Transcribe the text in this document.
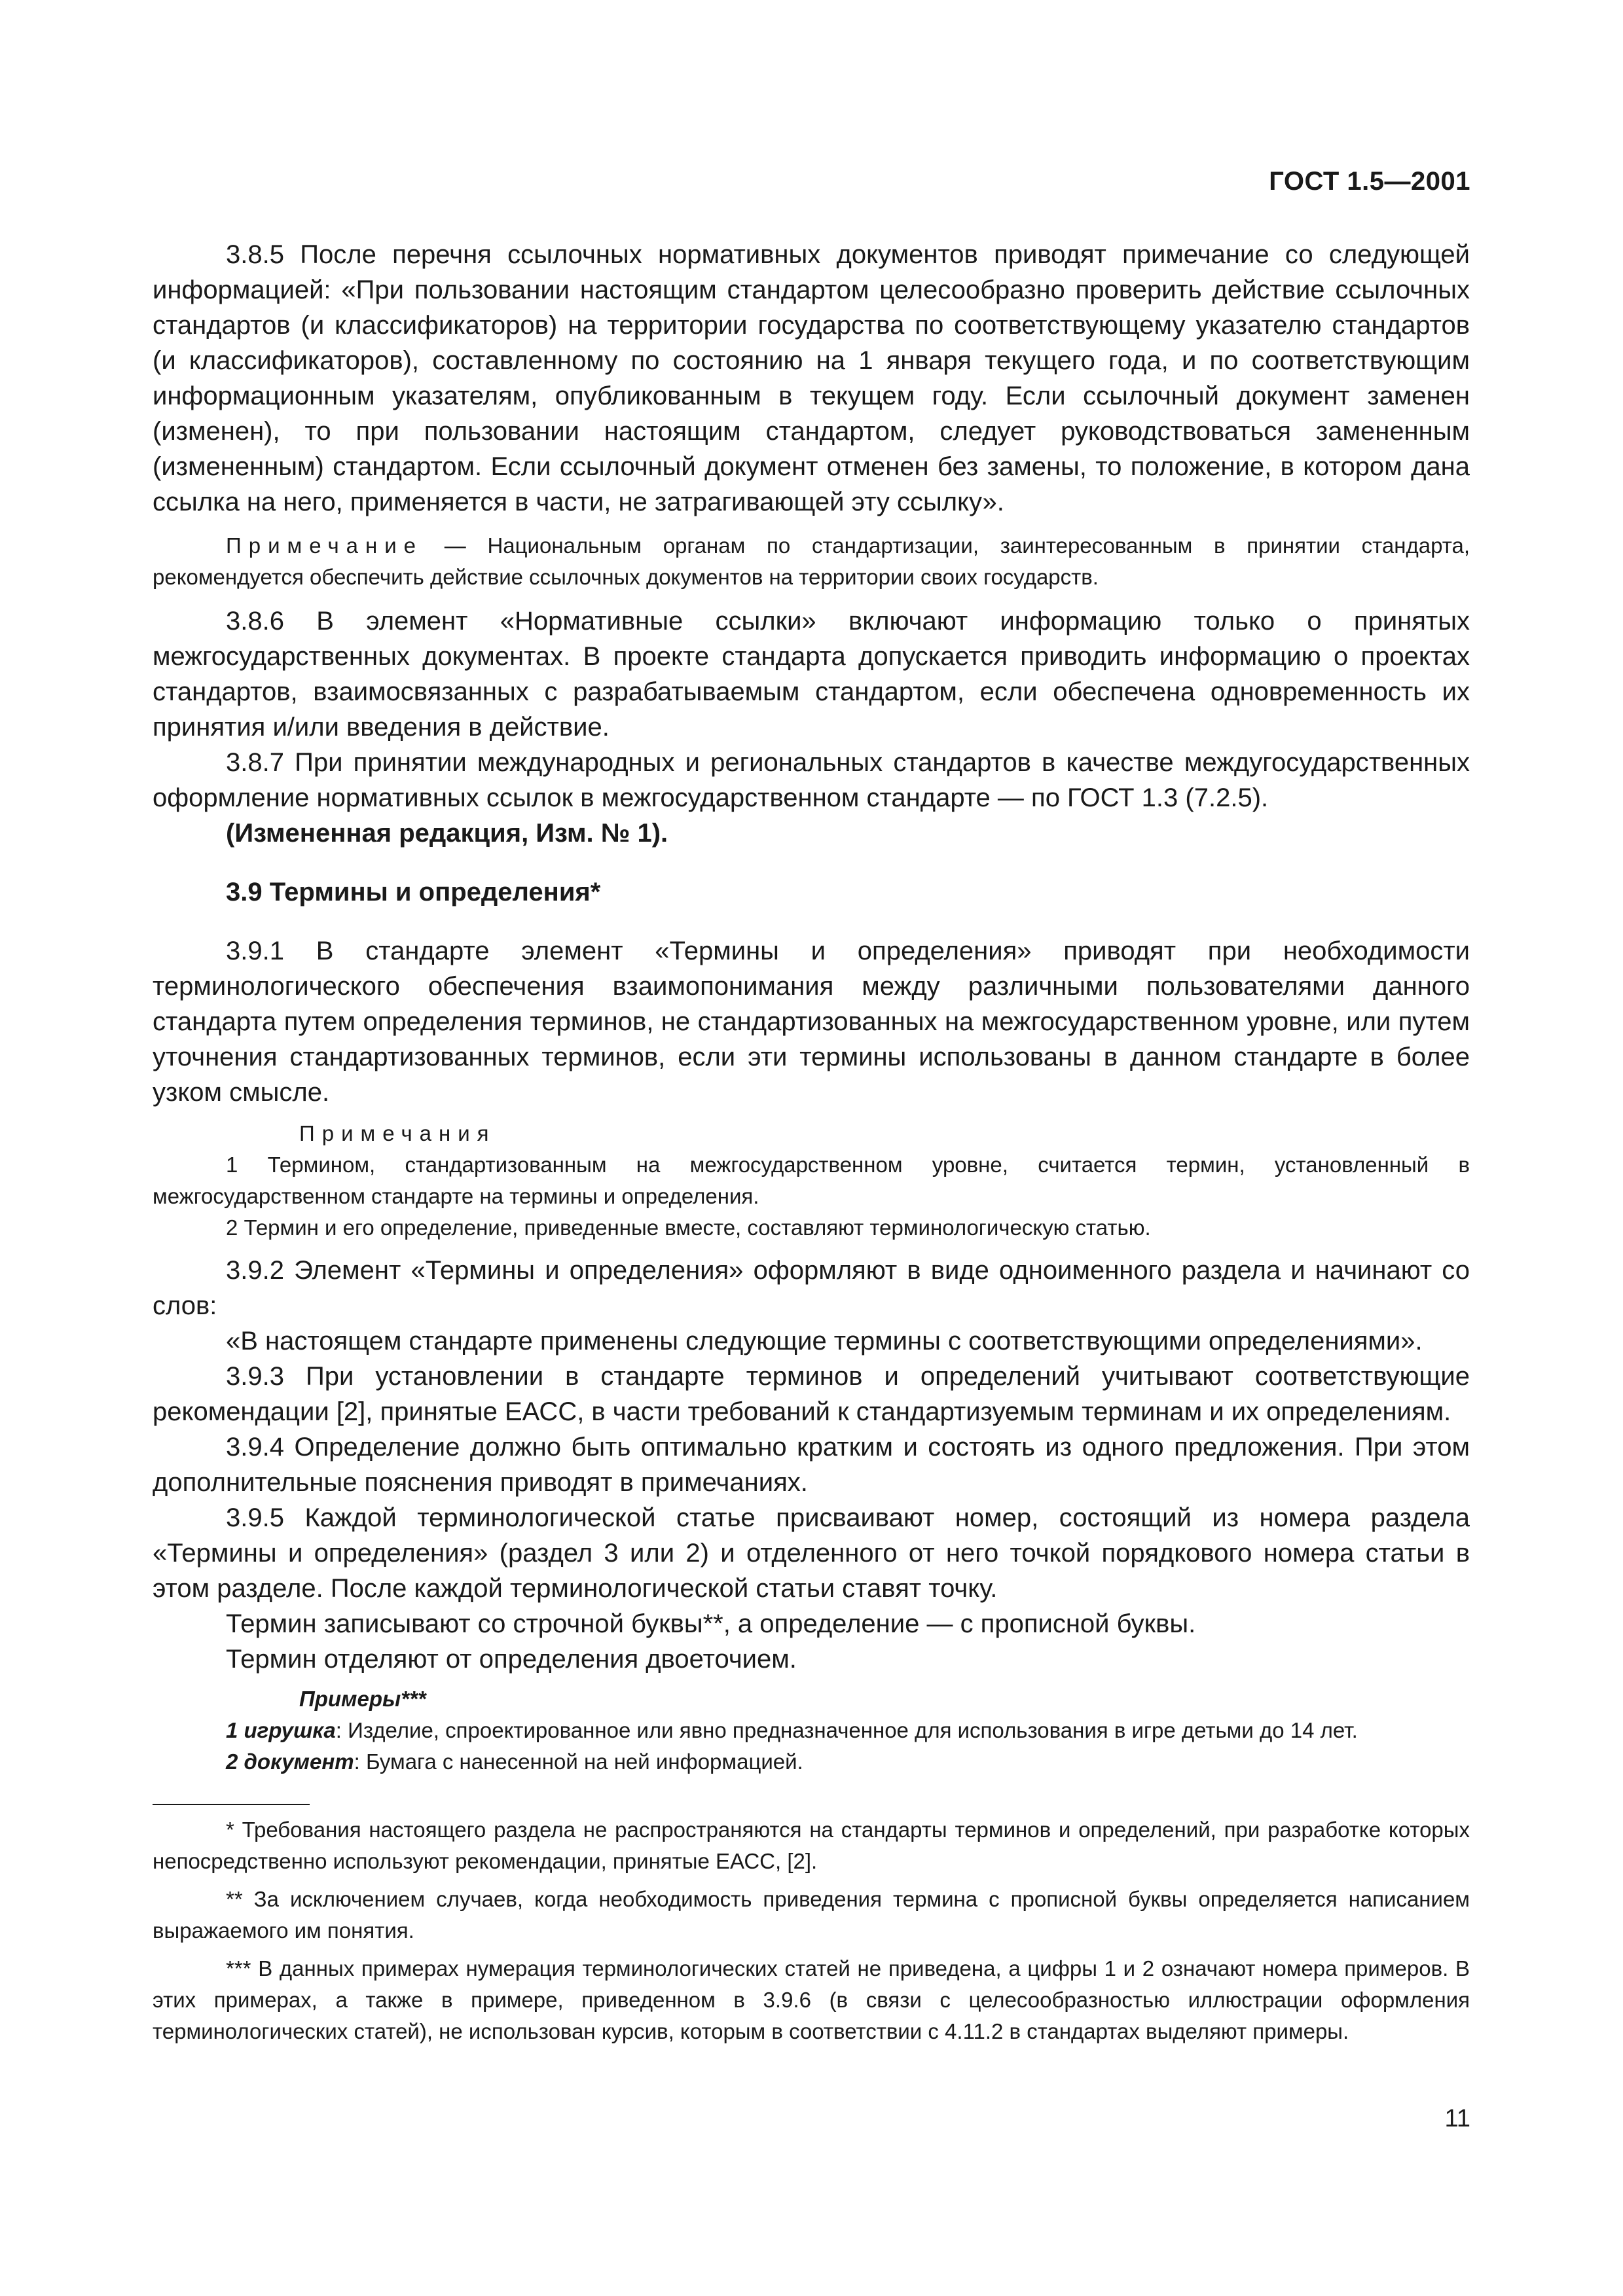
ГОСТ 1.5—2001

3.8.5 После перечня ссылочных нормативных документов приводят примечание со следующей информацией: «При пользовании настоящим стандартом целесообразно проверить действие ссылочных стандартов (и классификаторов) на территории государства по соответствующему указателю стандартов (и классификаторов), составленному по состоянию на 1 января текущего года, и по соответствующим информационным указателям, опубликованным в текущем году. Если ссылочный документ заменен (изменен), то при пользовании настоящим стандартом, следует руководствоваться замененным (измененным) стандартом. Если ссылочный документ отменен без замены, то положение, в котором дана ссылка на него, применяется в части, не затрагивающей эту ссылку».

Примечание — Национальным органам по стандартизации, заинтересованным в принятии стандарта, рекомендуется обеспечить действие ссылочных документов на территории своих государств.

3.8.6 В элемент «Нормативные ссылки» включают информацию только о принятых межгосударственных документах. В проекте стандарта допускается приводить информацию о проектах стандартов, взаимосвязанных с разрабатываемым стандартом, если обеспечена одновременность их принятия и/или введения в действие.

3.8.7 При принятии международных и региональных стандартов в качестве междугосударственных оформление нормативных ссылок в межгосударственном стандарте — по ГОСТ 1.3 (7.2.5).

(Измененная редакция, Изм. № 1).

3.9 Термины и определения*

3.9.1 В стандарте элемент «Термины и определения» приводят при необходимости терминологического обеспечения взаимопонимания между различными пользователями данного стандарта путем определения терминов, не стандартизованных на межгосударственном уровне, или путем уточнения стандартизованных терминов, если эти термины использованы в данном стандарте в более узком смысле.

Примечания

1 Термином, стандартизованным на межгосударственном уровне, считается термин, установленный в межгосударственном стандарте на термины и определения.

2 Термин и его определение, приведенные вместе, составляют терминологическую статью.

3.9.2 Элемент «Термины и определения» оформляют в виде одноименного раздела и начинают со слов:

«В настоящем стандарте применены следующие термины с соответствующими определениями».

3.9.3 При установлении в стандарте терминов и определений учитывают соответствующие рекомендации [2], принятые ЕАСС, в части требований к стандартизуемым терминам и их определениям.

3.9.4 Определение должно быть оптимально кратким и состоять из одного предложения. При этом дополнительные пояснения приводят в примечаниях.

3.9.5 Каждой терминологической статье присваивают номер, состоящий из номера раздела «Термины и определения» (раздел 3 или 2) и отделенного от него точкой порядкового номера статьи в этом разделе. После каждой терминологической статьи ставят точку.

Термин записывают со строчной буквы**, а определение — с прописной буквы.

Термин отделяют от определения двоеточием.

Примеры***

1 игрушка: Изделие, спроектированное или явно предназначенное для использования в игре детьми до 14 лет.

2 документ: Бумага с нанесенной на ней информацией.

* Требования настоящего раздела не распространяются на стандарты терминов и определений, при разработке которых непосредственно используют рекомендации, принятые ЕАСС, [2].

** За исключением случаев, когда необходимость приведения термина с прописной буквы определяется написанием выражаемого им понятия.

*** В данных примерах нумерация терминологических статей не приведена, а цифры 1 и 2 означают номера примеров. В этих примерах, а также в примере, приведенном в 3.9.6 (в связи с целесообразностью иллюстрации оформления терминологических статей), не использован курсив, которым в соответствии с 4.11.2 в стандартах выделяют примеры.

11
